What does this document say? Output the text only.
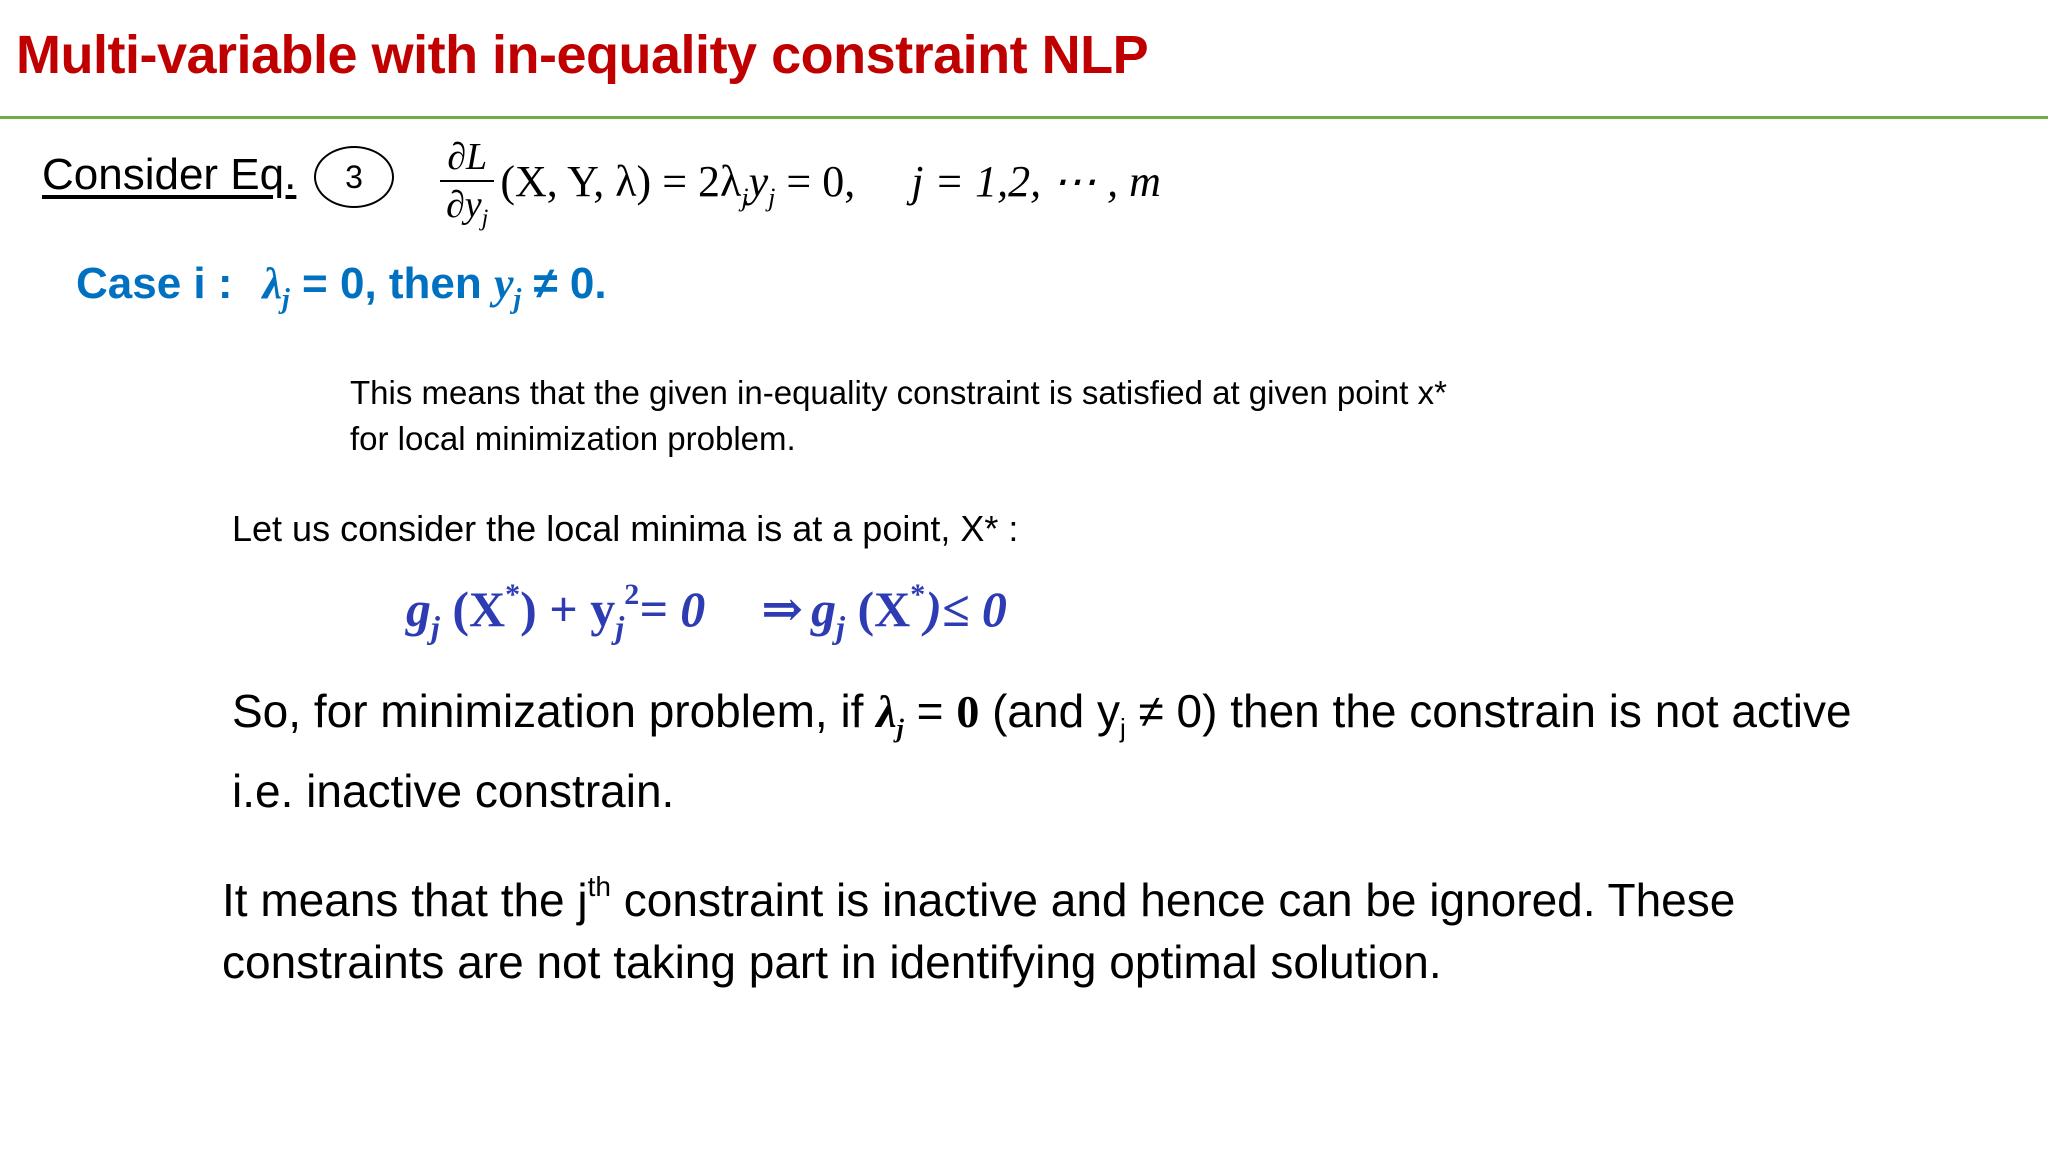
Multi-variable with in-equality constraint NLP
Consider Eq. $3 \frac{\partial L}{\partial y_j} (X$, Y, $\lambda) = 2\lambda_jy_j = 0$, j = 1,2, ⋯ , m
Case i : $\lambda_j = 0$, then $y_j \ne 0$.
This means that the given in-equality constraint is satisfied at given point x* for local minimization problem.
Let us consider the local minima is at a point, X* :
$g_j$ $(X^*) + y_j^2= 0$ ⇒ $g_j$ (X*)≤ 0
So, for minimization problem, if $\lambda_j = 0$ (and $y_j \ne 0$) then the constrain is not active i.e. inactive constrain.
It means that the $j^{th}$ constraint is inactive and hence can be ignored. These constraints are not taking part in identifying optimal solution.
